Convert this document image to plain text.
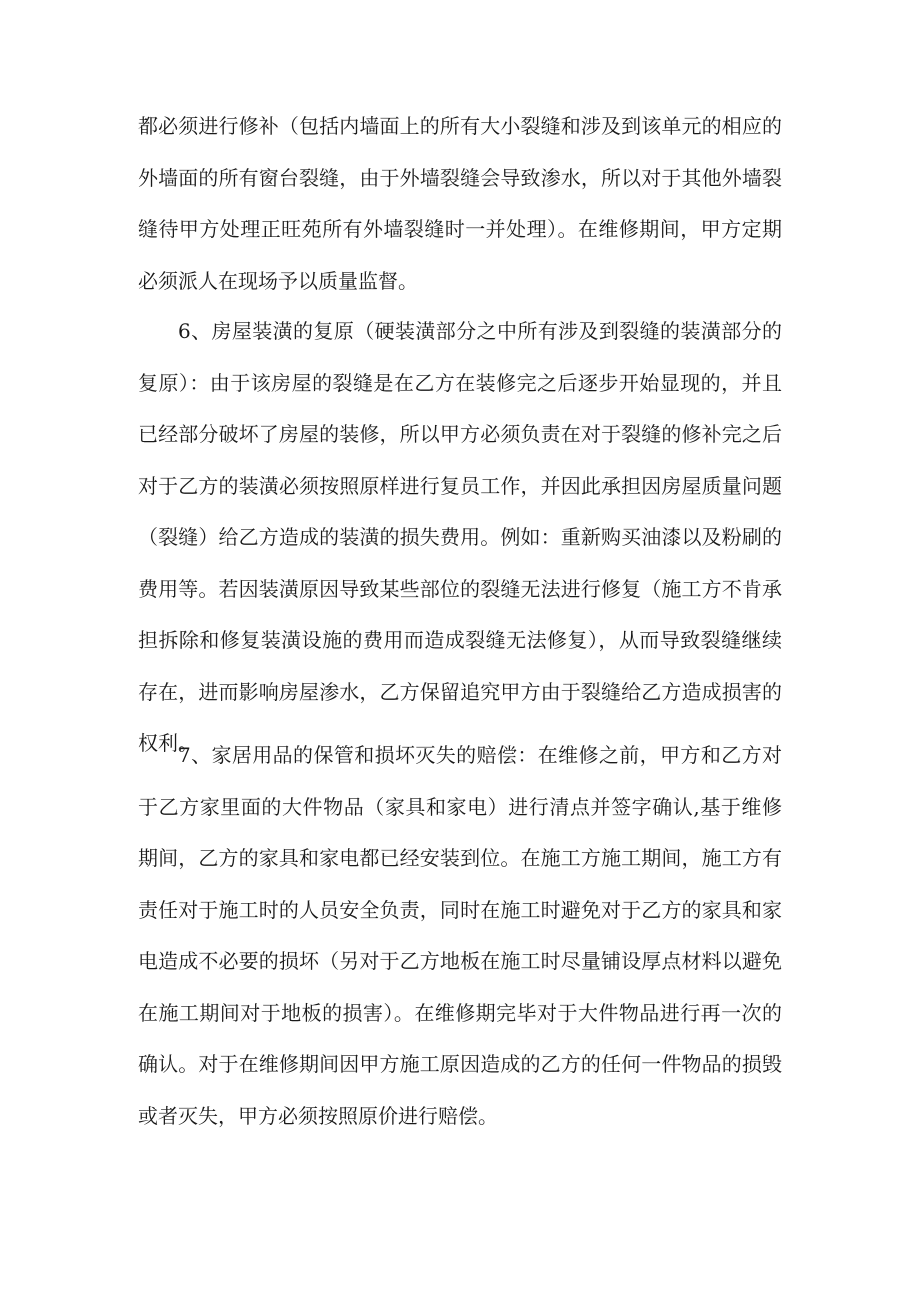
都必须进行修补（包括内墙面上的所有大小裂缝和涉及到该单元的相应的
外墙面的所有窗台裂缝，由于外墙裂缝会导致渗水，所以对于其他外墙裂
缝待甲方处理正旺苑所有外墙裂缝时一并处理）。在维修期间，甲方定期
必须派人在现场予以质量监督。
6、房屋装潢的复原（硬装潢部分之中所有涉及到裂缝的装潢部分的
复原）：由于该房屋的裂缝是在乙方在装修完之后逐步开始显现的，并且
已经部分破坏了房屋的装修，所以甲方必须负责在对于裂缝的修补完之后
对于乙方的装潢必须按照原样进行复员工作，并因此承担因房屋质量问题
（裂缝）给乙方造成的装潢的损失费用。例如：重新购买油漆以及粉刷的
费用等。若因装潢原因导致某些部位的裂缝无法进行修复（施工方不肯承
担拆除和修复装潢设施的费用而造成裂缝无法修复），从而导致裂缝继续
存在，进而影响房屋渗水，乙方保留追究甲方由于裂缝给乙方造成损害的
权利。
7、家居用品的保管和损坏灭失的赔偿：在维修之前，甲方和乙方对
于乙方家里面的大件物品（家具和家电）进行清点并签字确认,基于维修
期间，乙方的家具和家电都已经安装到位。在施工方施工期间，施工方有
责任对于施工时的人员安全负责，同时在施工时避免对于乙方的家具和家
电造成不必要的损坏（另对于乙方地板在施工时尽量铺设厚点材料以避免
在施工期间对于地板的损害）。在维修期完毕对于大件物品进行再一次的
确认。对于在维修期间因甲方施工原因造成的乙方的任何一件物品的损毁
或者灭失，甲方必须按照原价进行赔偿。
